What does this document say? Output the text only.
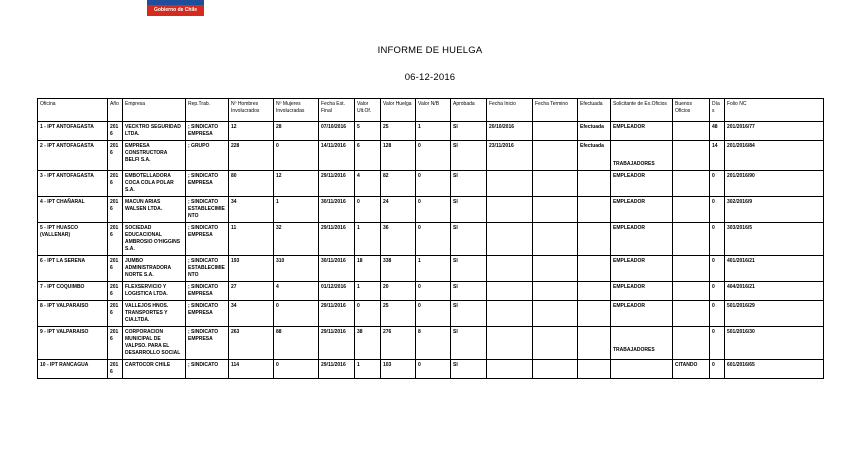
Gobierno de Chile
INFORME DE HUELGA
06-12-2016
Oficina	Año	Empresa	Rep.Trab.	Nº Hombres Involucrados	Nº Mujeres Involucradas	Fecha Est. Final	Valor Ult.Of.	Valor Huelga	Valor N/B	Aprobada	Fecha Inicio	Fecha Termino	Efectuada	Solicitante de Ex.Oficios	Buenos Oficios	Días	Folio NC
1 - IPT ANTOFAGASTA	2016	VECKTRO SEGURIDAD LTDA.	; SINDICATO EMPRESA	12	28	07/10/2016	5	25	1	SI	20/10/2016		Efectuada	EMPLEADOR		48	201/2016/77
2 - IPT ANTOFAGASTA	2016	EMPRESA CONSTRUCTORA BELFI S.A.	; GRUPO	228	0	14/11/2016	6	128	0	SI	23/11/2016		Efectuada	TRABAJADORES		14	201/2016/84
3 - IPT ANTOFAGASTA	2016	EMBOTELLADORA COCA COLA POLAR S.A.	; SINDICATO EMPRESA	80	12	29/11/2016	4	82	0	SI				EMPLEADOR		0	201/2016/90
4 - IPT CHAÑARAL	2016	MACUN ARIAS WALSEN LTDA.	; SINDICATO ESTABLECIMIENTO	34	1	30/11/2016	0	24	0	SI				EMPLEADOR		0	302/2016/9
5 - IPT HUASCO (VALLENAR)	2016	SOCIEDAD EDUCACIONAL AMBROSIO O'HIGGINS S.A.	; SINDICATO EMPRESA	11	32	29/11/2016	1	36	0	SI				EMPLEADOR		0	303/2016/5
6 - IPT LA SERENA	2016	JUMBO ADMINISTRADORA NORTE S.A.	; SINDICATO ESTABLECIMIENTO	193	310	30/11/2016	18	338	1	SI				EMPLEADOR		0	401/2016/21
7 - IPT COQUIMBO	2016	FLEXSERVICIO Y LOGISTICA LTDA.	; SINDICATO EMPRESA	27	4	01/12/2016	1	20	0	SI				EMPLEADOR		0	404/2016/21
8 - IPT VALPARAISO	2016	VALLEJOS HNOS. TRANSPORTES Y CIA.LTDA.	; SINDICATO EMPRESA	34	0	29/11/2016	0	25	0	SI				EMPLEADOR		0	501/2016/29
9 - IPT VALPARAISO	2016	CORPORACION MUNICIPAL DE VALPSO. PARA EL DESARROLLO SOCIAL	; SINDICATO EMPRESA	263	88	29/11/2016	38	276	8	SI				TRABAJADORES		0	501/2016/30
10 - IPT RANCAGUA	2016	CARTOCOR CHILE	; SINDICATO	114	0	29/11/2016	1	103	0	SI					CITANDO	0	601/2016/65
